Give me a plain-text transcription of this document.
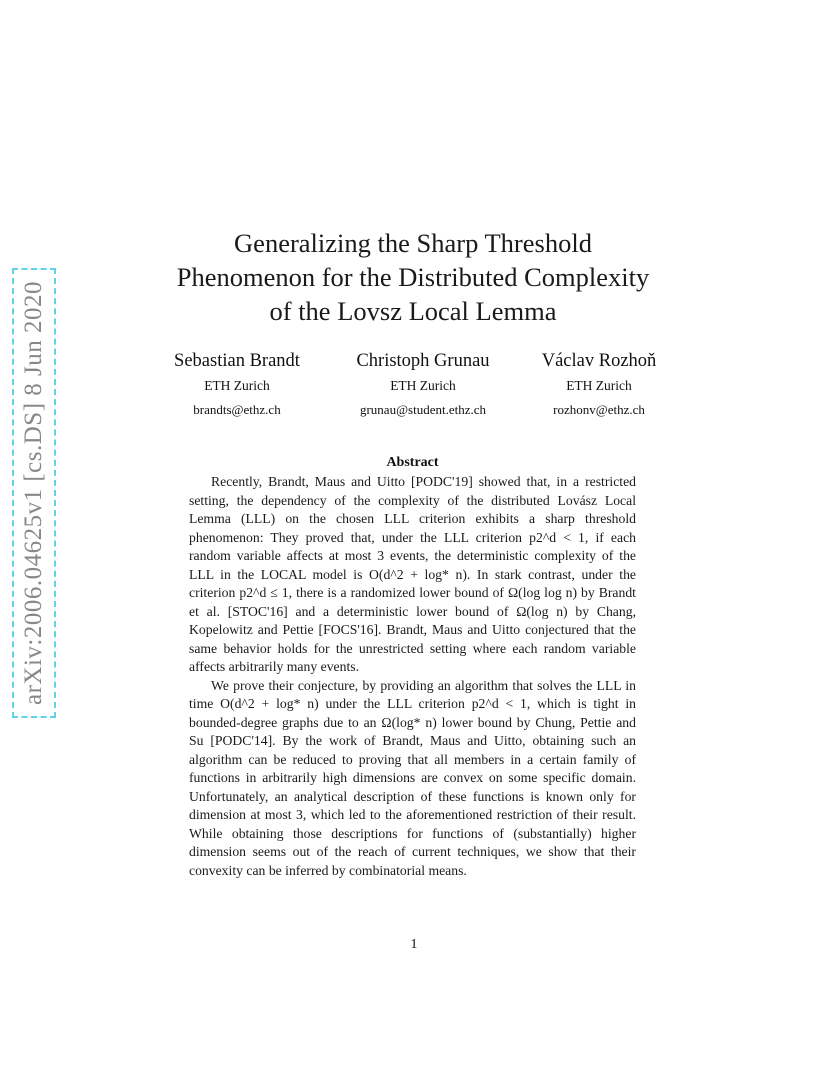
arXiv:2006.04625v1 [cs.DS] 8 Jun 2020
Generalizing the Sharp Threshold
Phenomenon for the Distributed Complexity
of the Lovsz Local Lemma
Sebastian Brandt
ETH Zurich
brandts@ethz.ch
Christoph Grunau
ETH Zurich
grunau@student.ethz.ch
Václav Rozhoň
ETH Zurich
rozhonv@ethz.ch
Abstract

Recently, Brandt, Maus and Uitto [PODC'19] showed that, in a restricted setting, the dependency of the complexity of the distributed Lovász Local Lemma (LLL) on the chosen LLL criterion exhibits a sharp threshold phenomenon: They proved that, under the LLL criterion p2^d < 1, if each random variable affects at most 3 events, the deterministic complexity of the LLL in the LOCAL model is O(d^2 + log* n). In stark contrast, under the criterion p2^d ≤ 1, there is a randomized lower bound of Ω(log log n) by Brandt et al. [STOC'16] and a deterministic lower bound of Ω(log n) by Chang, Kopelowitz and Pettie [FOCS'16]. Brandt, Maus and Uitto conjectured that the same behavior holds for the unrestricted setting where each random variable affects arbitrarily many events.

We prove their conjecture, by providing an algorithm that solves the LLL in time O(d^2 + log* n) under the LLL criterion p2^d < 1, which is tight in bounded-degree graphs due to an Ω(log* n) lower bound by Chung, Pettie and Su [PODC'14]. By the work of Brandt, Maus and Uitto, obtaining such an algorithm can be reduced to proving that all members in a certain family of functions in arbitrarily high dimensions are convex on some specific domain. Unfortunately, an analytical description of these functions is known only for dimension at most 3, which led to the aforementioned restriction of their result. While obtaining those descriptions for functions of (substantially) higher dimension seems out of the reach of current techniques, we show that their convexity can be inferred by combinatorial means.

1
